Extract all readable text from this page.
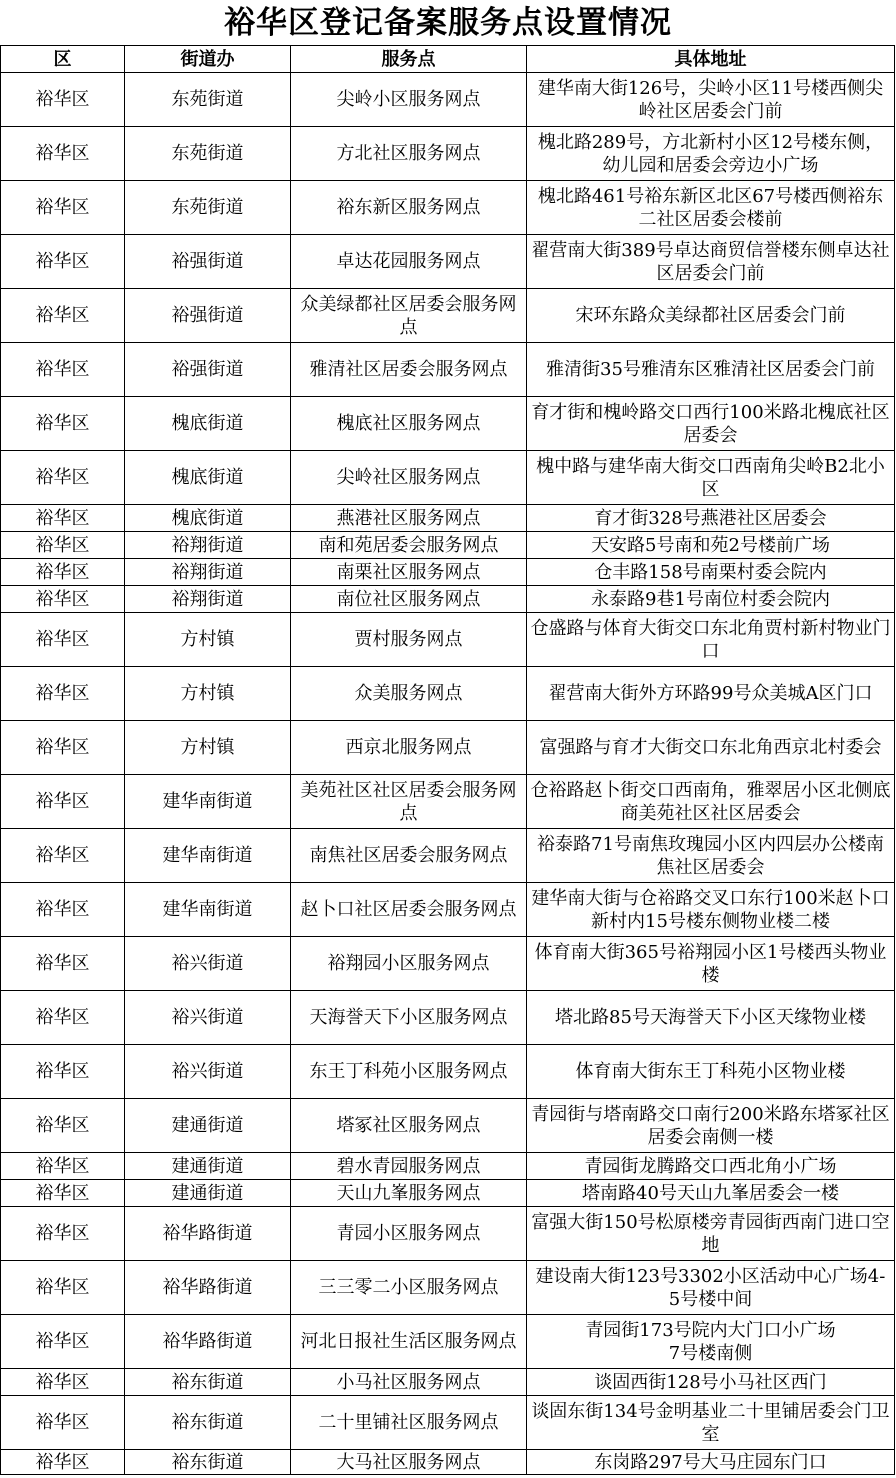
裕华区登记备案服务点设置情况
区	街道办	服务点	具体地址
裕华区	东苑街道	尖岭小区服务网点	建华南大街126号，尖岭小区11号楼西侧尖岭社区居委会门前
裕华区	东苑街道	方北社区服务网点	槐北路289号，方北新村小区12号楼东侧，幼儿园和居委会旁边小广场
裕华区	东苑街道	裕东新区服务网点	槐北路461号裕东新区北区67号楼西侧裕东二社区居委会楼前
裕华区	裕强街道	卓达花园服务网点	翟营南大街389号卓达商贸信誉楼东侧卓达社区居委会门前
裕华区	裕强街道	众美绿都社区居委会服务网点	宋环东路众美绿都社区居委会门前
裕华区	裕强街道	雅清社区居委会服务网点	雅清街35号雅清东区雅清社区居委会门前
裕华区	槐底街道	槐底社区服务网点	育才街和槐岭路交口西行100米路北槐底社区居委会
裕华区	槐底街道	尖岭社区服务网点	槐中路与建华南大街交口西南角尖岭B2北小区
裕华区	槐底街道	燕港社区服务网点	育才街328号燕港社区居委会
裕华区	裕翔街道	南和苑居委会服务网点	天安路5号南和苑2号楼前广场
裕华区	裕翔街道	南栗社区服务网点	仓丰路158号南栗村委会院内
裕华区	裕翔街道	南位社区服务网点	永泰路9巷1号南位村委会院内
裕华区	方村镇	贾村服务网点	仓盛路与体育大街交口东北角贾村新村物业门口
裕华区	方村镇	众美服务网点	翟营南大街外方环路99号众美城A区门口
裕华区	方村镇	西京北服务网点	富强路与育才大街交口东北角西京北村委会
裕华区	建华南街道	美苑社区社区居委会服务网点	仓裕路赵卜街交口西南角，雅翠居小区北侧底商美苑社区社区居委会
裕华区	建华南街道	南焦社区居委会服务网点	裕泰路71号南焦玫瑰园小区内四层办公楼南焦社区居委会
裕华区	建华南街道	赵卜口社区居委会服务网点	建华南大街与仓裕路交叉口东行100米赵卜口新村内15号楼东侧物业楼二楼
裕华区	裕兴街道	裕翔园小区服务网点	体育南大街365号裕翔园小区1号楼西头物业楼
裕华区	裕兴街道	天海誉天下小区服务网点	塔北路85号天海誉天下小区天缘物业楼
裕华区	裕兴街道	东王丁科苑小区服务网点	体育南大街东王丁科苑小区物业楼
裕华区	建通街道	塔冢社区服务网点	青园街与塔南路交口南行200米路东塔冢社区居委会南侧一楼
裕华区	建通街道	碧水青园服务网点	青园街龙腾路交口西北角小广场
裕华区	建通街道	天山九峯服务网点	塔南路40号天山九峯居委会一楼
裕华区	裕华路街道	青园小区服务网点	富强大街150号松原楼旁青园街西南门进口空地
裕华区	裕华路街道	三三零二小区服务网点	建设南大街123号3302小区活动中心广场4-5号楼中间
裕华区	裕华路街道	河北日报社生活区服务网点	青园街173号院内大门口小广场
7号楼南侧
裕华区	裕东街道	小马社区服务网点	谈固西街128号小马社区西门
裕华区	裕东街道	二十里铺社区服务网点	谈固东街134号金明基业二十里铺居委会门卫室
裕华区	裕东街道	大马社区服务网点	东岗路297号大马庄园东门口
